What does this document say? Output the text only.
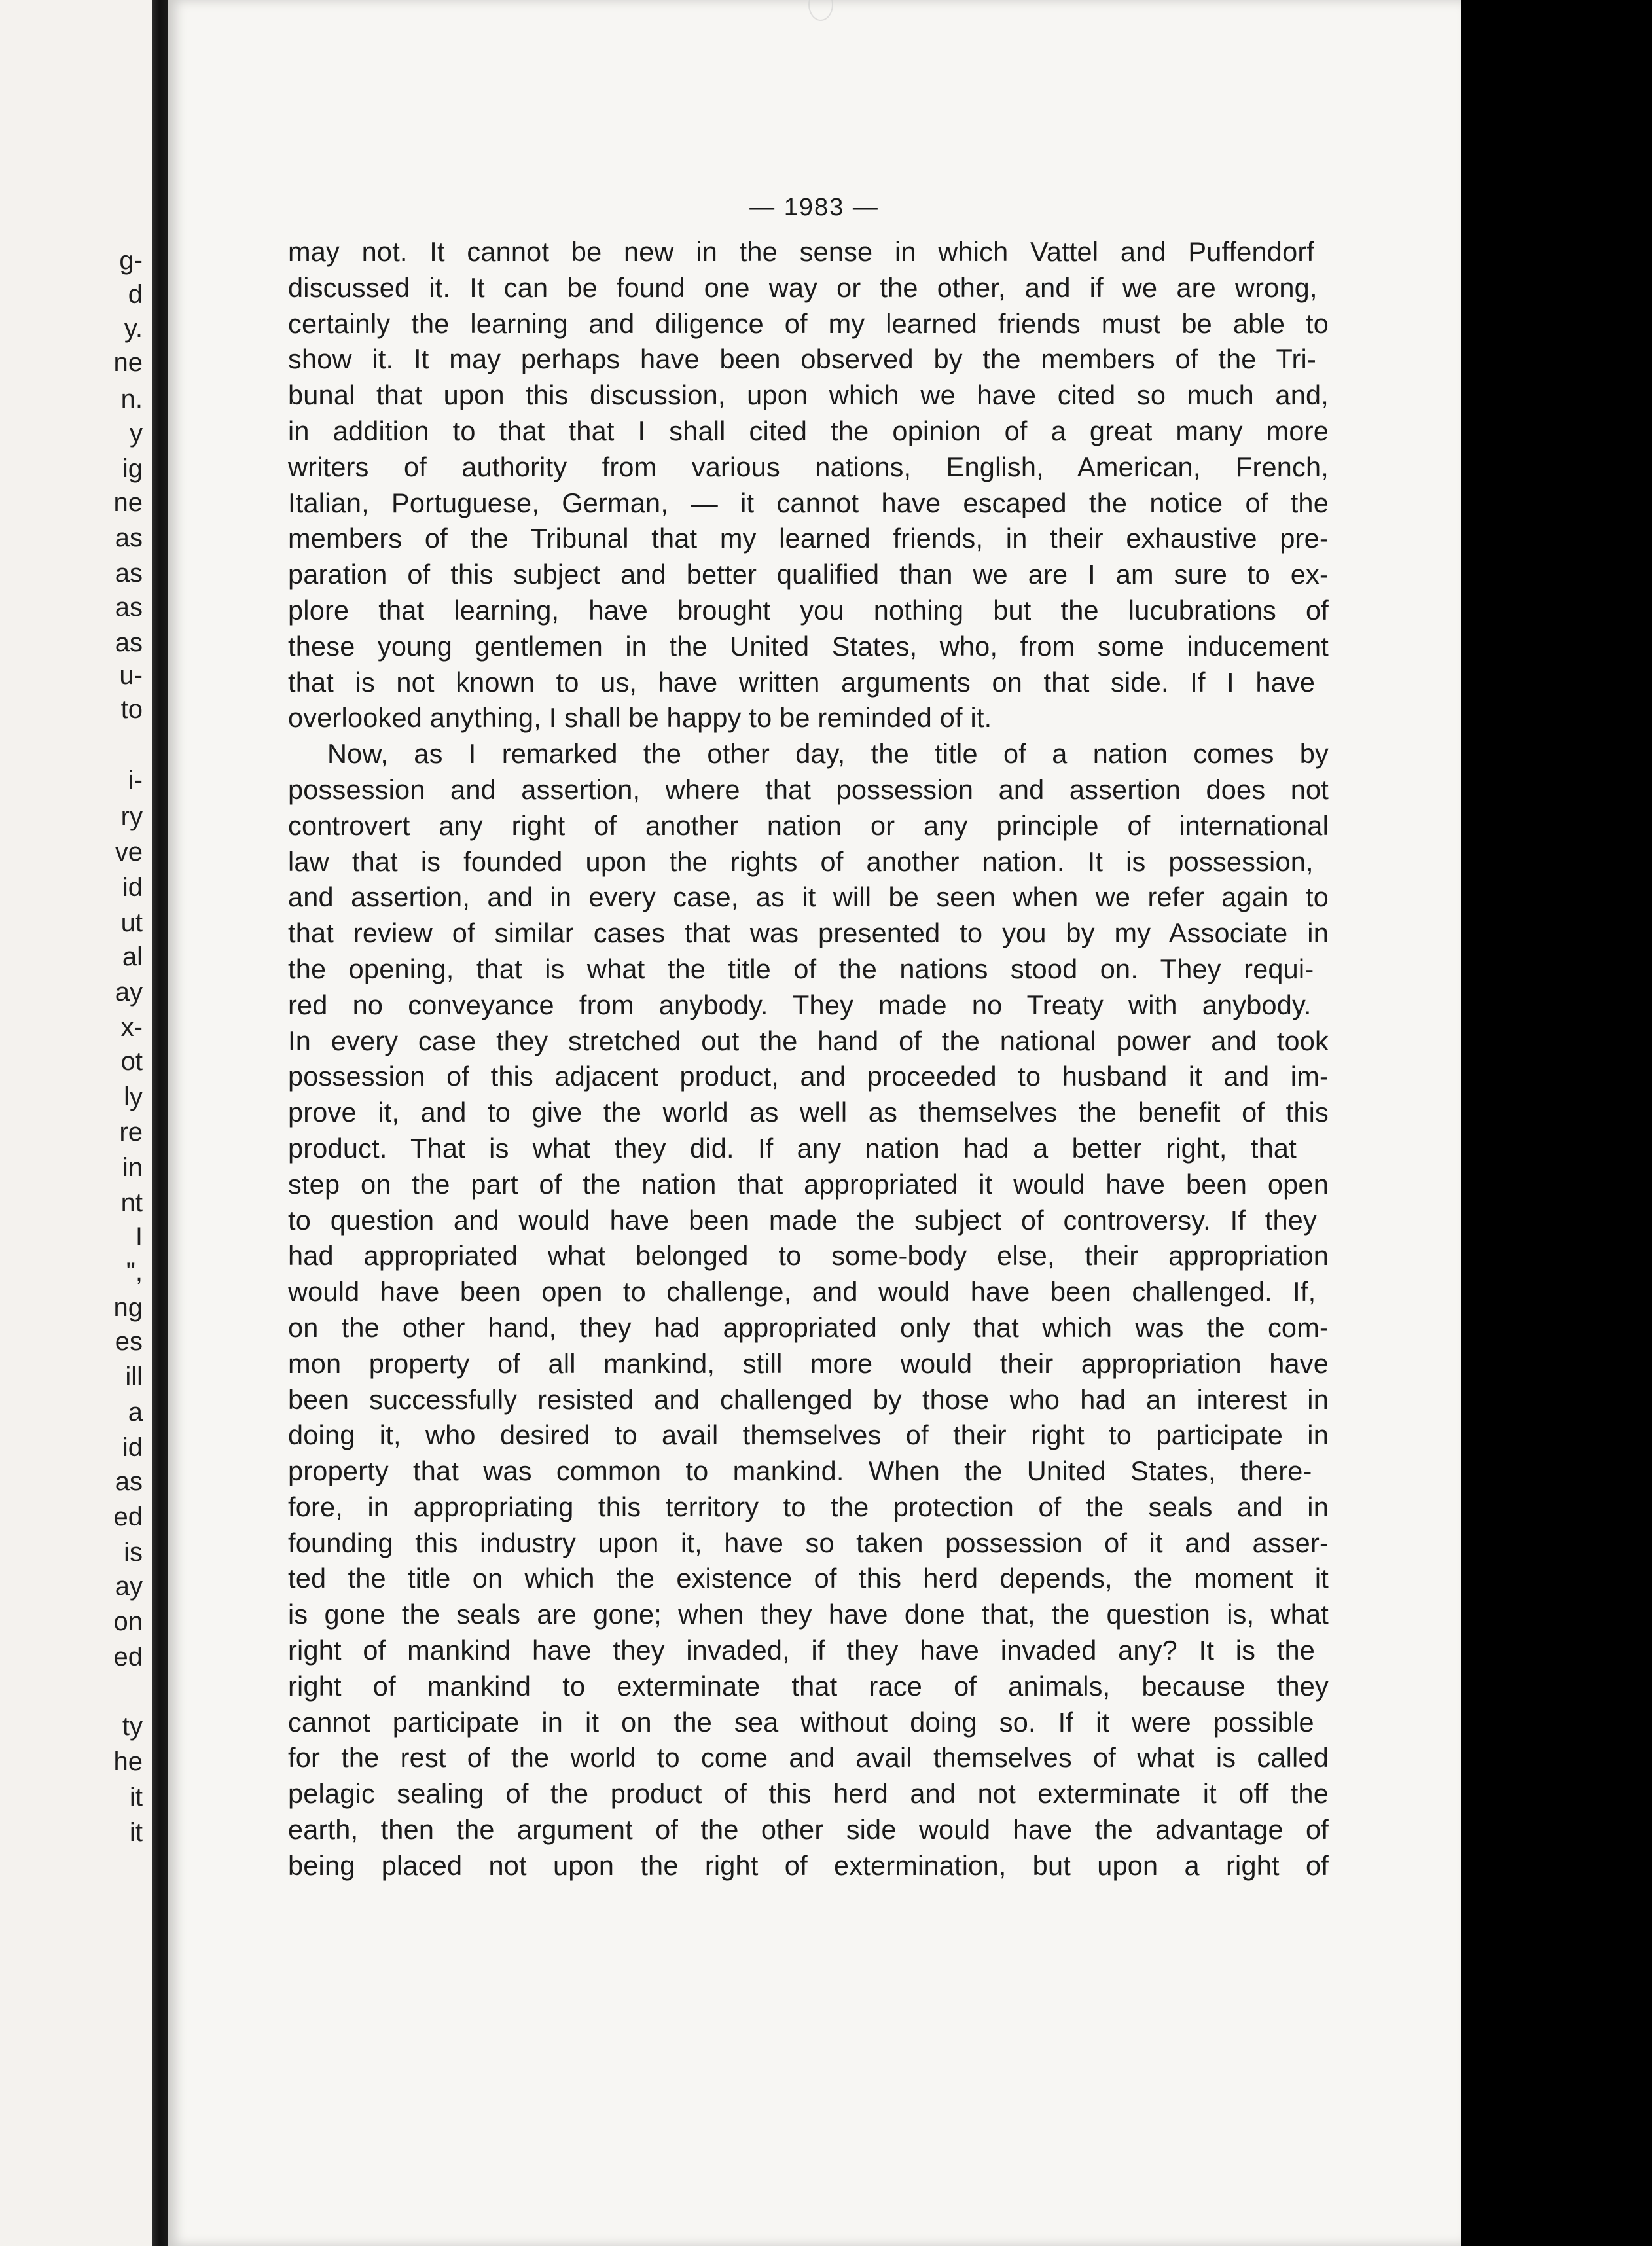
g-
d
y.
ne
n.
y
ig
ne
as
as
as
as
u-
to
i-
ry
ve
id
ut
al
ay
x-
ot
ly
re
in
nt
I
",
ng
es
ill
a
id
as
ed
is
ay
on
ed
ty
he
it
it
— 1983 —
may not. It cannot be new in the sense in which Vattel and Puffendorf
discussed it. It can be found one way or the other, and if we are wrong,
certainly the learning and diligence of my learned friends must be able to
show it. It may perhaps have been observed by the members of the Tri-
bunal that upon this discussion, upon which we have cited so much and,
in addition to that that I shall cited the opinion of a great many more
writers of authority from various nations, English, American, French,
Italian, Portuguese, German, — it cannot have escaped the notice of the
members of the Tribunal that my learned friends, in their exhaustive pre-
paration of this subject and better qualified than we are I am sure to ex-
plore that learning, have brought you nothing but the lucubrations of
these young gentlemen in the United States, who, from some inducement
that is not known to us, have written arguments on that side. If I have
overlooked anything, I shall be happy to be reminded of it.
Now, as I remarked the other day, the title of a nation comes by
possession and assertion, where that possession and assertion does not
controvert any right of another nation or any principle of international
law that is founded upon the rights of another nation. It is possession,
and assertion, and in every case, as it will be seen when we refer again to
that review of similar cases that was presented to you by my Associate in
the opening, that is what the title of the nations stood on. They requi-
red no conveyance from anybody. They made no Treaty with anybody.
In every case they stretched out the hand of the national power and took
possession of this adjacent product, and proceeded to husband it and im-
prove it, and to give the world as well as themselves the benefit of this
product. That is what they did. If any nation had a better right, that
step on the part of the nation that appropriated it would have been open
to question and would have been made the subject of controversy. If they
had appropriated what belonged to some-body else, their appropriation
would have been open to challenge, and would have been challenged. If,
on the other hand, they had appropriated only that which was the com-
mon property of all mankind, still more would their appropriation have
been successfully resisted and challenged by those who had an interest in
doing it, who desired to avail themselves of their right to participate in
property that was common to mankind. When the United States, there-
fore, in appropriating this territory to the protection of the seals and in
founding this industry upon it, have so taken possession of it and asser-
ted the title on which the existence of this herd depends, the moment it
is gone the seals are gone; when they have done that, the question is, what
right of mankind have they invaded, if they have invaded any? It is the
right of mankind to exterminate that race of animals, because they
cannot participate in it on the sea without doing so. If it were possible
for the rest of the world to come and avail themselves of what is called
pelagic sealing of the product of this herd and not exterminate it off the
earth, then the argument of the other side would have the advantage of
being placed not upon the right of extermination, but upon a right of
